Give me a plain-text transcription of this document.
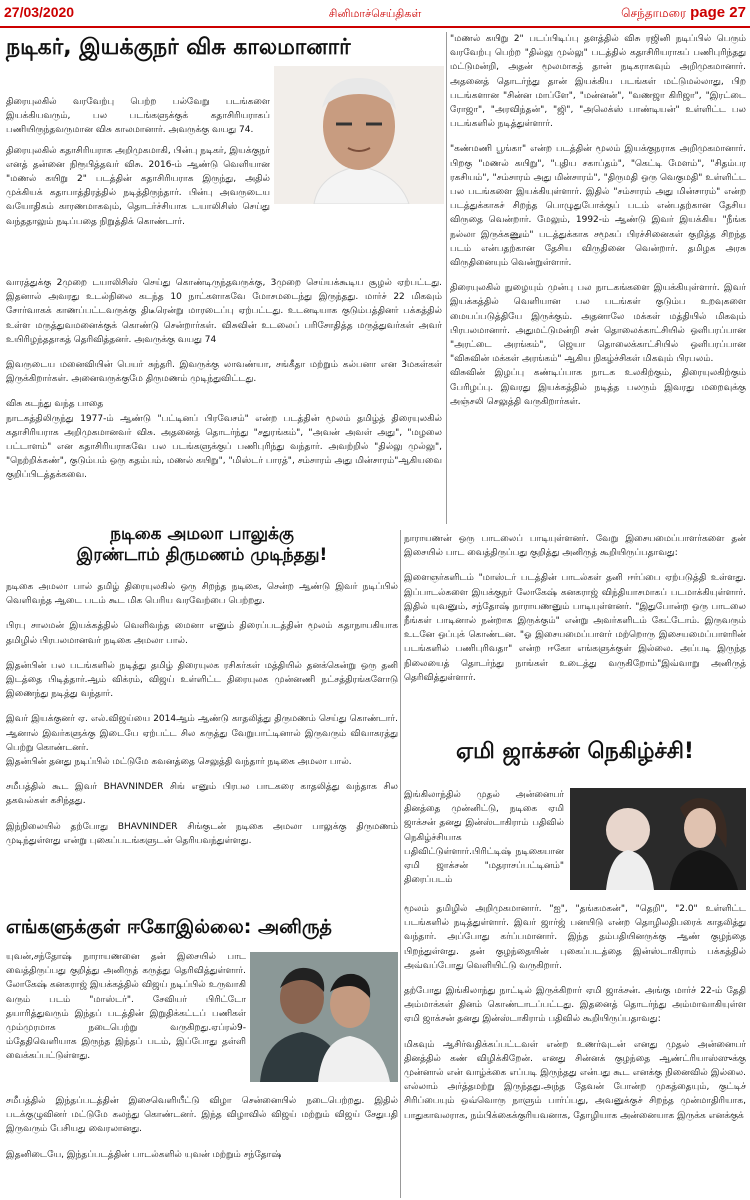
27/03/2020	சினிமாச்செய்திகள்	செந்தாமரை page 27
நடிகர், இயக்குநர் விசு காலமானார்

திரையுலகில் வரவேற்பு பெற்ற பல்வேறு படங்களை இயக்கியவரும், பல படங்களுக்குக் கதாசிரியராகப் பணியிருந்தவருமான விசு காலமானார். அவருக்கு வயது 74.

திரையுலகில் கதாசிரியராக அறிமுகமாகி, பின்பு நடிகர், இயக்குநர் எனத் தன்னை நிரூபித்தவர் விசு. 2016-ம் ஆண்டு வெளியான "மணல் கயிறு 2" படத்தின் கதாசிரியராக இருந்து, அதில் முக்கியக் கதாபாத்திரத்தில் நடித்திருந்தார். பின்பு அவருடைய வயோதிகம் காரணமாகவும், தொடர்ச்சியாக டயாலிசிஸ் செய்து வந்ததாலும் நடிப்பதை நிறுத்திக் கொண்டார்.

வாரத்துக்கு 2முறை டயாலிசிஸ் செய்து கொண்டிருந்தவருக்கு, 3முறை செய்யக்கூடிய சூழல் ஏற்பட்டது. இதனால் அவரது உடல்நிலை கடந்த 10 நாட்களாகவே மோசமடைந்து இருந்தது. மார்ச் 22 மிகவும் சோர்வாகக் காணப்பட்டவருக்கு திடீரென்று மாரடைப்பு ஏற்பட்டது. உடனடியாக குடும்பத்தினர் பக்கத்தில் உள்ள மருத்துவமனைக்குக் கொண்டு சென்றார்கள். விசுவின் உடலைப் பரிசோதித்த மருத்துவர்கள் அவர் உயிரிழந்ததாகத் தெரிவித்தனர். அவருக்கு வயது 74

இவருடைய மனைவியின் பெயர் சுந்தரி. இவருக்கு லாவண்யா, சங்கீதா மற்றும் கல்பனா என 3மகள்கள் இருக்கிறார்கள். அனைவருக்குமே திருமணம் முடிந்துவிட்டது.

விசு கடந்து வந்த பாதை

நாடகத்திலிருந்து 1977-ம் ஆண்டு "பட்டினப் பிரவேசம்" என்ற படத்தின் மூலம் தமிழ்த் திரையுலகில் கதாசிரியராக அறிமுகமானவர் விசு. அதனைத் தொடர்ந்து "சதுரங்கம்", "அவன் அவள் அது", "மழலை பட்டாளம்" என கதாசிரியராகவே பல படங்களுக்குப் பணிபுரிந்து வந்தார். அவற்றில் "தில்லு முல்லு", "நெற்றிக்கண்", குடும்பம் ஒரு கதம்பம், மணல் கயிறு", "மிஸ்டர் பாரத்", சம்சாரம் அது மின்சாரம்"ஆகியவை குறிப்பிடத்தக்கவை.

"மணல் கயிறு 2" படப்பிடிப்பு தளத்தில் விசு ரஜினி நடிப்பில் பெரும் வரவேற்பு பெற்ற "தில்லு முல்லு" படத்தில் கதாசிரியராகப் பணிபுரிந்தது மட்டுமன்றி, அதன் மூலமாகத் தான் நடிகராகவும் அறிமுகமானார். அதனைத் தொடர்ந்து தான் இயக்கிய படங்கள் மட்டுமல்லாது, பிற படங்களான "சின்ன மாப்ளே", "மன்னன்", "வணஜா கிரிஜா", "இரட்டை ரோஜா", "அரவிந்தன்", "ஜி", "அலெக்ஸ் பாண்டியன்" உள்ளிட்ட பல படங்களில் நடித்துள்ளார்.

"கண்மணி பூங்கா" என்ற படத்தின் மூலம் இயக்குநராக அறிமுகமானார். பிறகு "மணல் கயிறு", "புதிய சகாப்தம்", "கெட்டி மேளம்", "சிதம்பர ரகசியம்", "சம்சாரம் அது மின்சாரம்", "திருமதி ஒரு வெகுமதி" உள்ளிட்ட பல படங்களை இயக்கியுள்ளார். இதில் "சம்சாரம் அது மின்சாரம்" என்ற படத்துக்காகச் சிறந்த பொழுதுபோக்குப் படம் என்பதற்கான தேசிய விருதை வென்றார். மேலும், 1992-ம் ஆண்டு இவர் இயக்கிய "நீங்க நல்லா இருக்கணும்" படத்துக்காக சமூகப் பிரச்சினைகள் குறித்த சிறந்த படம் என்பதற்கான தேசிய விருதினை வென்றார். தமிழக அரசு விருதினையும் வென்றுள்ளார்.

திரையுலகில் நுழையும் முன்பு பல நாடகங்களை இயக்கியுள்ளார். இவர் இயக்கத்தில் வெளியான பல படங்கள் குடும்ப உறவுகளை மையப்படுத்தியே இருக்கும். அதனாலே மக்கள் மத்தியில் மிகவும் பிரபலமானார். அதுமட்டுமன்றி சன் தொலைக்காட்சியில் ஒளிபரப்பான "அரட்டை அரங்கம்", ஜெயா தொலைக்காட்சியில் ஒளிபரப்பான "விசுவின் மக்கள் அரங்கம்" ஆகிய நிகழ்ச்சிகள் மிகவும் பிரபலம்.

விசுவின் இழப்பு கண்டிப்பாக நாடக உலகிற்கும், திரையுலகிற்கும் பேரிழப்பு. இவரது இயக்கத்தில் நடித்த பலரும் இவரது மறைவுக்கு அஞ்சலி செலுத்தி வருகிறார்கள்.

நடிகை அமலா பாலுக்கு
இரண்டாம் திருமணம் முடிந்தது!

நடிகை அமலா பால் தமிழ் திரையுலகில் ஒரு சிறந்த நடிகை, சென்ற ஆண்டு இவர் நடிப்பில் வெளிவந்த ஆடை படம் கூட மிக பெரிய வரவேற்பை பெற்றது.

பிரபு சாலமன் இயக்கத்தில் வெளிவந்த மைனா எனும் திரைப்படத்தின் மூலம் கதாநாயகியாக தமிழில் பிரபலமானவர் நடிகை அமலா பால்.

இதன்பின் பல படங்களில் நடித்து தமிழ் திரையுலக ரசிகர்கள் மத்தியில் தனக்கென்று ஒரு தனி இடத்தை பிடித்தார்.ஆம் விக்ரம், விஜய் உள்ளிட்ட திரையுலக முன்னணி நட்சத்திரங்களோடு இணைந்து நடித்து வந்தார்.

இவர் இயக்குனர் ஏ. எல்.விஜய்யை 2014ஆம் ஆண்டு காதலித்து திருமணம் செய்து கொண்டார். ஆனால் இவர்களுக்கு இடையே ஏற்பட்ட சில கருத்து வேறுபாட்டினால் இருவரும் விவாகரத்து பெற்று கொண்டனர்.

இதன்பின் தனது நடிப்பில் மட்டுமே கவனத்தை செலுத்தி வந்தார் நடிகை அமலா பால்.

சமீபத்தில் கூட இவர் BHAVNINDER சிங் எனும் பிரபல பாடகரை காதலித்து வந்தாக சில தகவல்கள் கசிந்தது.

இந்நிலையில் தற்போது BHAVNINDER சிங்குடன் நடிகை அமலா பாலுக்கு திருமணம் முடிந்துள்ளது என்று புகைப்படங்களுடன் தெரியவந்துள்ளது.

எங்களுக்குள் ஈகோஇல்லை: அனிருத்

யுவன்,சந்தோஷ் நாராயணனை தன் இசையில் பாட வைத்திருப்பது குறித்து அனிருத் கருத்து தெரிவித்துள்ளார். லோகேஷ் கனகராஜ் இயக்கத்தில் விஜய் நடிப்பில் உருவாகி வரும் படம் "மாஸ்டர்". சேவியர் பிரிட்டோ தயாரித்துவரும் இந்தப் படத்தின் இறுதிக்கட்டப் பணிகள் மும்முரமாக நடைபெற்று வருகிறது.ஏப்ரல்9-ம்தேதிவெளியாக இருந்த இந்தப் படம், இப்போது தள்ளி வைக்கப்பட்டுள்ளது.

சமீபத்தில் இந்தப்படத்தின் இசைவெளியீட்டு விழா சென்னையில் நடைபெற்றது. இதில் படக்குழுவினர் மட்டுமே கலந்து கொண்டனர். இந்த விழாவில் விஜய் மற்றும் விஜய் சேதுபதி இருவரும் பேசியது வைரலானது.

இதனிடையே, இந்தப்படத்தின் பாடல்களில் யுவன் மற்றும் சந்தோஷ்

நாராயணன் ஒரு பாடலைப் பாடியுள்ளனர். வேறு இசையமைப்பாளர்களை தன் இசையில் பாட வைத்திருப்பது குறித்து அனிருத் கூறியிருப்பதாவது:

இளைஞர்களிடம் "மாஸ்டர் படத்தின் பாடல்கள் தனி ஈர்ப்பை ஏற்படுத்தி உள்ளது. இப்பாடல்களை இயக்குநர் லோகேஷ் கனகராஜ் விந்தியாசமாகப் படமாக்கியுள்ளார். இதில் யுவனும், சந்தோஷ் நாராயணனும் பாடியுள்ளனர். "இதுபோன்ற ஒரு பாடலை நீங்கள் பாடினால் நன்றாக இருக்கும்" என்று அவர்களிடம் கேட்டோம். இருவரும் உடனே ஒப்புக் கொண்டன. "ஓ இசையமைப்பாளர் மற்றொரு இசையமைப்பாளரின் படங்களில் பணிபுரிவதா" என்ற ஈகோ எங்களுக்குள் இல்லை. அப்படி இருந்த நிலையைத் தொடர்ந்து நாங்கள் உடைத்து வருகிறோம்"இவ்வாறு அனிருத் தெரிவித்துள்ளார்.

ஏமி ஜாக்சன் நெகிழ்ச்சி!

இங்கிலாந்தில் முதல் அன்னையர் தினத்தை முன்னிட்டு, நடிகை ஏமி ஜாக்சன் தனது இன்ஸ்டாகிராம் பதிவில் நெகிழ்ச்சியாக பதிவிட்டுள்ளார்.பிரிட்டிஷ் நடிகையான ஏமி ஜாக்சன் "மதராசப்பட்டினம்" திரைப்படம்

மூலம் தமிழில் அறிமுகமானார். "ஐ", "தங்கமகன்", "தெறி", "2.0" உள்ளிட்ட படங்களில் நடித்துள்ளார். இவர் ஜார்ஜ் பனயிடு என்ற தொழிலதிபரைக் காதலித்து வந்தார். அப்போது கர்ப்பமானார். இந்த தம்பதியினருக்கு ஆண் குழந்தை பிறந்துள்ளது. தன் குழந்தையின் புகைப்படத்தை இன்ஸ்டாகிராம் பக்கத்தில் அவ்வப்போது வெளியிட்டு வருகிறார்.

தற்போது இங்கிலாந்து நாட்டில் இருக்கிறார் ஏமி ஜாக்சன். அங்கு மார்ச் 22-ம் தேதி அம்மாக்கள் தினம் கொண்டாடப்பட்டது. இதனைத் தொடர்ந்து அம்மாவாகியுள்ள ஏமி ஜாக்சன் தனது இன்ஸ்டாகிராம் பதிவில் கூறியிருப்பதாவது:

மிகவும் ஆசிர்வதிக்கப்பட்டவள் என்ற உணர்வுடன் எனது முதல் அன்னையர் தினத்தில் கண் விழிக்கிறேன். எனது சின்னக் குழந்தை ஆண்ட்ரியாஸ்ஸுக்கு முன்னால் என் வாழ்க்கை எப்படி இருந்தது என்பது கூட எனக்கு நினைவில் இல்லை. எல்லாம் அர்த்தமற்று இருந்தது.அந்த தேவன் போன்ற முகத்தையும், குட்டிச் சிரிப்பையும் ஒவ்வொரு நாளும் பார்ப்பது, அவனுக்குச் சிறந்த முன்மாதிரியாக, பாதுகாவலராக, நம்பிக்கைக்குரியவனாக, தோழியாக அன்னையாக இருக்க எனக்குக்
